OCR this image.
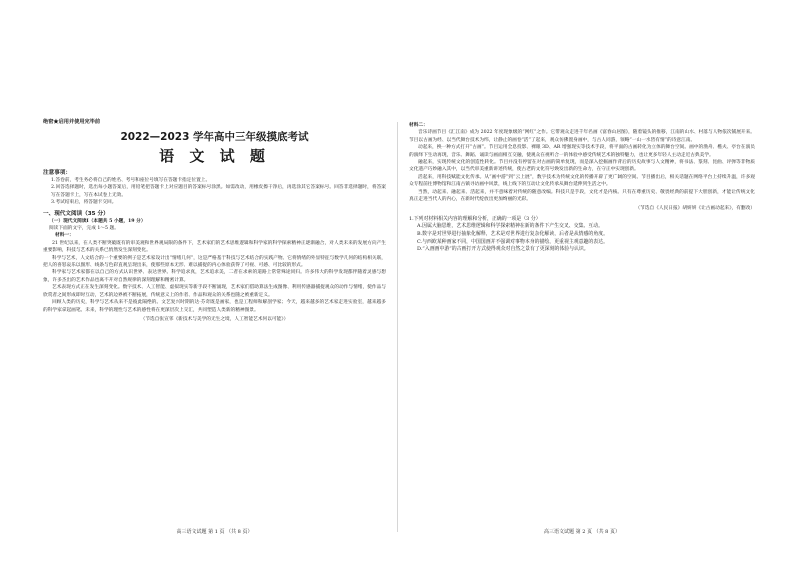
绝密★启用并使用完毕前

2022—2023 学年高中三年级摸底考试
语 文 试 题
注意事项：

1.答卷前，考生务必将自己的姓名、考号和座位号填写在答题卡指定位置上。

2.回答选择题时，选出每小题答案后，用铅笔把答题卡上对应题目的答案标号涂黑。如需改动，用橡皮擦干净后，再选涂其它答案标号。回答非选择题时，将答案写在答题卡上，写在本试卷上无效。

3.考试结束后，将答题卡交回。

一、现代文阅读（35 分）

（一）现代文阅读Ⅰ（本题共 5 小题，19 分）

阅读下面的文字，完成 1～5 题。

材料一：

21 世纪以来，在人类不断突破既有的审美观和世界观局限的条件下，艺术家们的艺术思维逻辑和科学家的科学探索精神正逐渐融合，对人类未来的发展方向产生重要影响，科技与艺术的关系已悄然发生深刻变化。

科学与艺术，人文结合的一个重要的例子是艺术家设计出“情绪几何”，这是严格基于科技与艺术结合的实践产物。它将情绪的外显特征与数学几何的结构相关联，把人的喜怒哀乐以图形、线条与色彩直观呈现出来，使那些原本无形、难以捕捉的内心体验获得了可视、可感、可比较的形式。

科学家与艺术家都在以自己的方式认识世界、表达世界。科学追求真，艺术追求美，二者在求索的道路上常常殊途同归。许多伟大的科学发现都伴随着灵感与想象，许多杰出的艺术作品也离不开对自然规律的深刻理解和精密计算。

艺术表现方式正在发生深刻变化。数字技术、人工智能、虚拟现实等新手段不断涌现，艺术家们借助算法生成图像、利用传感器捕捉观众的动作与情绪，使作品与欣赏者之间形成即时互动，艺术的边界被不断拓展，传统意义上的作者、作品和观众的关系也随之被重新定义。

回顾人类的历史，科学与艺术从来不是彼此隔绝的。文艺复兴时期的达·芬奇既是画家，也是工程师和解剖学家；今天，越来越多的艺术家走进实验室，越来越多的科学家拿起画笔。未来，科学的理性与艺术的感性将在更深层次上交汇，共同塑造人类新的精神图景。

（节选自张宣邻《新技术与美学的无生之境，人工智能艺术何以可能》）

材料二：

音乐诗画节目《汇江南》成为 2022 年度现象级的“网红”之作。它带观众走进千年名画《富春山居图》，随着镜头的推移，江南的山水、村落与人物依次铺展开来。节目以古画为经、以当代舞台技术为纬，让静止的画卷“活”了起来，观众仿佛置身画中，与古人同游，领略“一山一水皆有情”的诗意江南。

动起来，换一种方式打开“古画”。节目运用全息投影、裸眼 3D、AR 增强现实等技术手段，将平面的古画转化为立体的舞台空间。画中的渔舟、樵夫、亭台在演员的演绎下生动再现，音乐、舞蹈、诵读与画面相互交融，使观众在视听合一的体验中感受传统艺术的独特魅力，也让更多年轻人主动走近古典美学。

融起来，实现传统文化的创造性转化。节目并没有停留在对古画的简单复现，而是深入挖掘画作背后的历史故事与人文精神，将书法、篆刻、昆曲、评弹等非物质文化遗产巧妙融入其中，以当代审美重新讲述传统，使古老的文化符号焕发出新的生命力，在守正中实现创新。

活起来，用科技赋能文化传承。从“画中游”到“云上展”，数字技术为传统文化的传播开辟了更广阔的空间。节目播出后，相关话题在网络平台上持续升温，许多观众专程前往博物馆和江南古镇寻访画中风景，线上线下的互动让文化传承从舞台延伸到生活之中。

当然，动起来、融起来、活起来，并不意味着对传统的随意改编。科技只是手段，文化才是内核。只有在尊重历史、敬畏经典的前提下大胆创新，才能让传统文化真正走进当代人的内心，在新时代绽放出更加绚丽的光彩。

（节选自《人民日报》胡妍妍《让古画动起来》，有删改）

1.下列对材料相关内容的理解和分析，正确的一项是（3 分）

A.因属大脑思维，艺术思维逻辑和科学探索精神在新的条件下产生交叉、交集、互动。

B.数字是对世界进行抽象化解释，艺术是对世界进行复杂化解读，后者是从情感的角度。

C.与西欧某种画家不同，中国国画并不强调对事物本身的描绘，更重视主观意趣的表达。

D.“入画画中游”的古画打开方式使得观众对自然之景有了更深刻的体验与认识。

高三语文试题 第 1 页 （共 8 页）	高三语文试题 第 2 页 （共 8 页）
